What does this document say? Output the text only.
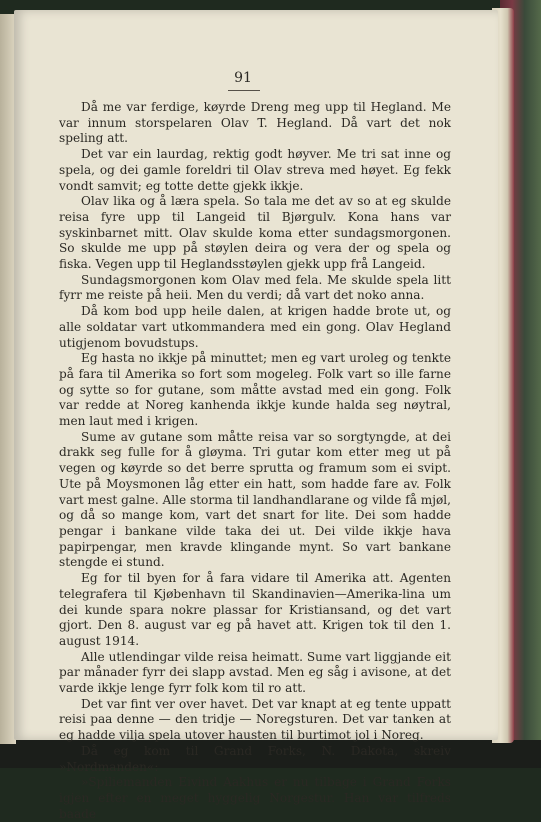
91

Då me var ferdige, køyrde Dreng meg upp til Hegland. Me var innum storspelaren Olav T. Hegland. Då vart det nok speling att.

Det var ein laurdag, rektig godt høyver. Me tri sat inne og spela, og dei gamle foreldri til Olav streva med høyet. Eg fekk vondt samvit; eg totte dette gjekk ikkje.

Olav lika og å læra spela. So tala me det av so at eg skulde reisa fyre upp til Langeid til Bjørgulv. Kona hans var syskinbarnet mitt. Olav skulde koma etter sundagsmorgonen. So skulde me upp på støylen deira og vera der og spela og fiska. Vegen upp til Heglandsstøylen gjekk upp frå Langeid.

Sundagsmorgonen kom Olav med fela. Me skulde spela litt fyrr me reiste på heii. Men du verdi; då vart det noko anna.

Då kom bod upp heile dalen, at krigen hadde brote ut, og alle soldatar vart utkommandera med ein gong. Olav Hegland utigjenom bovudstups.

Eg hasta no ikkje på minuttet; men eg vart uroleg og tenkte på fara til Amerika so fort som mogeleg. Folk vart so ille farne og sytte so for gutane, som måtte avstad med ein gong. Folk var redde at Noreg kanhenda ikkje kunde halda seg nøytral, men laut med i krigen.

Sume av gutane som måtte reisa var so sorgtyngde, at dei drakk seg fulle for å gløyma. Tri gutar kom etter meg ut på vegen og køyrde so det berre sprutta og framum som ei svipt. Ute på Moysmonen låg etter ein hatt, som hadde fare av. Folk vart mest galne. Alle storma til landhandlarane og vilde få mjøl, og då so mange kom, vart det snart for lite. Dei som hadde pengar i bankane vilde taka dei ut. Dei vilde ikkje hava papirpengar, men kravde klingande mynt. So vart bankane stengde ei stund.

Eg for til byen for å fara vidare til Amerika att. Agenten telegrafera til Kjøbenhavn til Skandinavien—Amerika-lina um dei kunde spara nokre plassar for Kristiansand, og det vart gjort. Den 8. august var eg på havet att. Krigen tok til den 1. august 1914.

Alle utlendingar vilde reisa heimatt. Sume vart liggjande eit par månader fyrr dei slapp avstad. Men eg såg i avisone, at det varde ikkje lenge fyrr folk kom til ro att.

Det var fint ver over havet. Det var knapt at eg tente uppatt reisi paa denne — den tridje — Noregsturen. Det var tanken at eg hadde vilja spela utover hausten til burtimot jol i Noreg.

Då eg kom til Grand Forks, N. Dakota, skreiv »Nordmanden«:

»Spiliemanden Eivind Aakhus er nu tilbage i Grand Forks igjen efter en meget hyggelig Norgestur. Han var tilfreds baade
